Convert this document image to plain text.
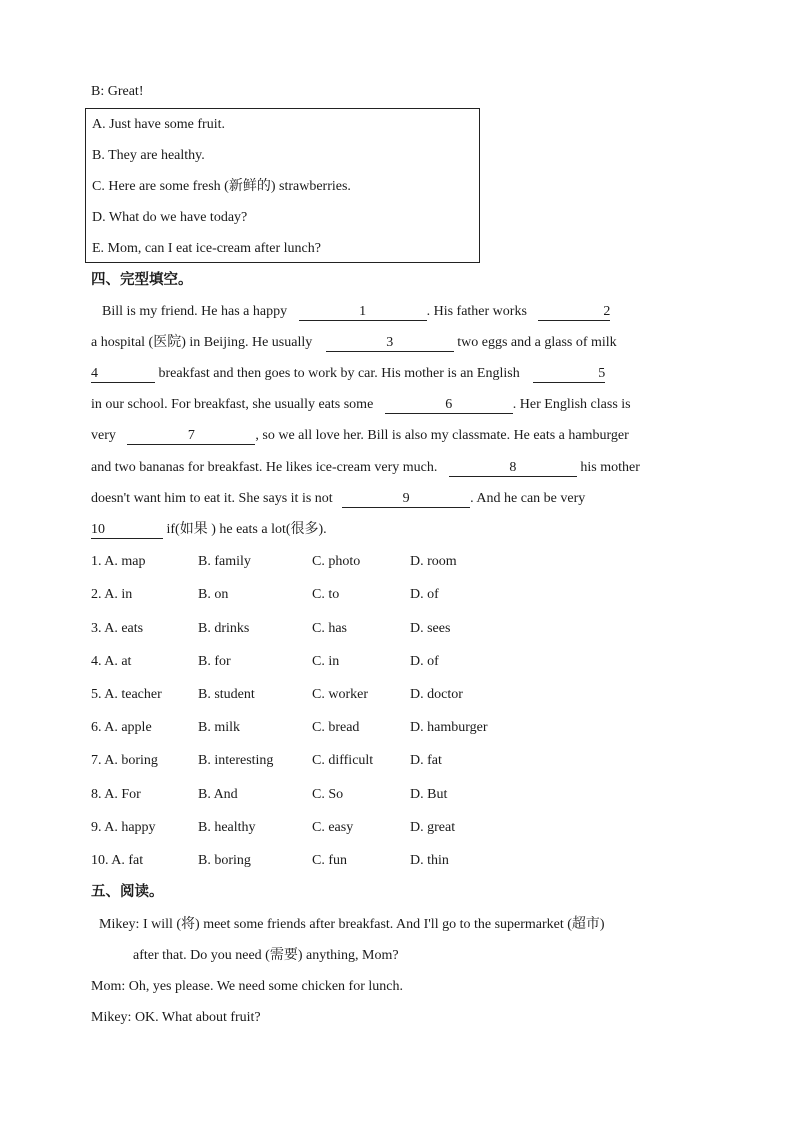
B: Great!
A. Just have some fruit.
B. They are healthy.
C. Here are some fresh (新鲜的) strawberries.
D. What do we have today?
E. Mom, can I eat ice-cream after lunch?
四、完型填空。
Bill is my friend. He has a happy	1	. His father works	2
a hospital (医院) in Beijing. He usually	3	two eggs and a glass of milk
4	breakfast and then goes to work by car. His mother is an English	5
in our school. For breakfast, she usually eats some	6	. Her English class is
very	7	, so we all love her. Bill is also my classmate. He eats a hamburger
and two bananas for breakfast. He likes ice-cream very much.	8	his mother
doesn't want him to eat it. She says it is not	9	. And he can be very
10	if(如果 ) he eats a lot(很多).
1. A. map	B. family	C. photo	D. room
2. A. in	B. on	C. to	D. of
3. A. eats	B. drinks	C. has	D. sees
4. A. at	B. for	C. in	D. of
5. A. teacher	B. student	C. worker	D. doctor
6. A. apple	B. milk	C. bread	D. hamburger
7. A. boring	B. interesting	C. difficult	D. fat
8. A. For	B. And	C. So	D. But
9. A. happy	B. healthy	C. easy	D. great
10. A. fat	B. boring	C. fun	D. thin
五、阅读。
Mikey: I will (将) meet some friends after breakfast. And I'll go to the supermarket (超市)
after that. Do you need (需要) anything, Mom?
Mom: Oh, yes please. We need some chicken for lunch.
Mikey: OK. What about fruit?
